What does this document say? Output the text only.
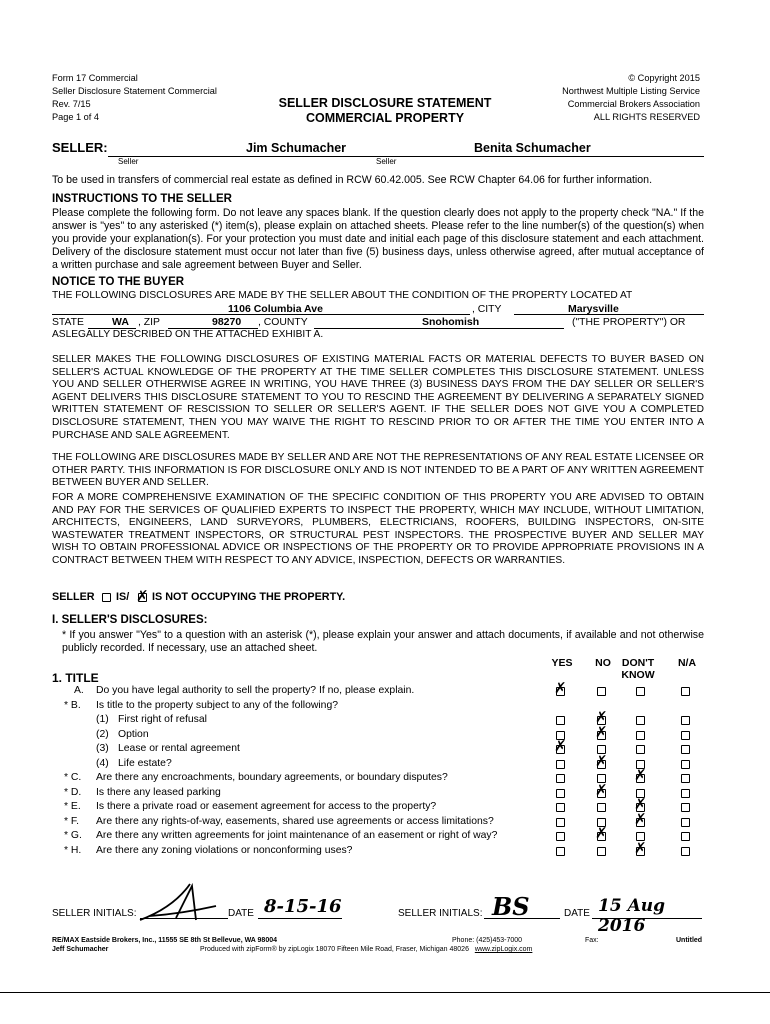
Form 17 Commercial
Seller Disclosure Statement Commercial
Rev. 7/15
Page 1 of 4
© Copyright 2015
Northwest Multiple Listing Service
Commercial Brokers Association
ALL RIGHTS RESERVED
SELLER DISCLOSURE STATEMENT
COMMERCIAL PROPERTY
SELLER:	Jim Schumacher	Benita Schumacher
Seller	Seller
To be used in transfers of commercial real estate as defined in RCW 60.42.005. See RCW Chapter 64.06 for further information.
INSTRUCTIONS TO THE SELLER
Please complete the following form. Do not leave any spaces blank. If the question clearly does not apply to the property check "NA." If the answer is "yes" to any asterisked (*) item(s), please explain on attached sheets. Please refer to the line number(s) of the question(s) when you provide your explanation(s). For your protection you must date and initial each page of this disclosure statement and each attachment. Delivery of the disclosure statement must occur not later than five (5) business days, unless otherwise agreed, after mutual acceptance of a written purchase and sale agreement between Buyer and Seller.
NOTICE TO THE BUYER
THE FOLLOWING DISCLOSURES ARE MADE BY THE SELLER ABOUT THE CONDITION OF THE PROPERTY LOCATED AT
1106 Columbia Ave	, CITY	Marysville
STATE	WA , ZIP	98270 , COUNTY	Snohomish	("THE PROPERTY") OR
ASLEGALLY DESCRIBED ON THE ATTACHED EXHIBIT A.
SELLER MAKES THE FOLLOWING DISCLOSURES OF EXISTING MATERIAL FACTS OR MATERIAL DEFECTS TO BUYER BASED ON SELLER'S ACTUAL KNOWLEDGE OF THE PROPERTY AT THE TIME SELLER COMPLETES THIS DISCLOSURE STATEMENT. UNLESS YOU AND SELLER OTHERWISE AGREE IN WRITING, YOU HAVE THREE (3) BUSINESS DAYS FROM THE DAY SELLER OR SELLER'S AGENT DELIVERS THIS DISCLOSURE STATEMENT TO YOU TO RESCIND THE AGREEMENT BY DELIVERING A SEPARATELY SIGNED WRITTEN STATEMENT OF RESCISSION TO SELLER OR SELLER'S AGENT. IF THE SELLER DOES NOT GIVE YOU A COMPLETED DISCLOSURE STATEMENT, THEN YOU MAY WAIVE THE RIGHT TO RESCIND PRIOR TO OR AFTER THE TIME YOU ENTER INTO A PURCHASE AND SALE AGREEMENT.
THE FOLLOWING ARE DISCLOSURES MADE BY SELLER AND ARE NOT THE REPRESENTATIONS OF ANY REAL ESTATE LICENSEE OR OTHER PARTY. THIS INFORMATION IS FOR DISCLOSURE ONLY AND IS NOT INTENDED TO BE A PART OF ANY WRITTEN AGREEMENT BETWEEN BUYER AND SELLER.
FOR A MORE COMPREHENSIVE EXAMINATION OF THE SPECIFIC CONDITION OF THIS PROPERTY YOU ARE ADVISED TO OBTAIN AND PAY FOR THE SERVICES OF QUALIFIED EXPERTS TO INSPECT THE PROPERTY, WHICH MAY INCLUDE, WITHOUT LIMITATION, ARCHITECTS, ENGINEERS, LAND SURVEYORS, PLUMBERS, ELECTRICIANS, ROOFERS, BUILDING INSPECTORS, ON-SITE WASTEWATER TREATMENT INSPECTORS, OR STRUCTURAL PEST INSPECTORS. THE PROSPECTIVE BUYER AND SELLER MAY WISH TO OBTAIN PROFESSIONAL ADVICE OR INSPECTIONS OF THE PROPERTY OR TO PROVIDE APPROPRIATE PROVISIONS IN A CONTRACT BETWEEN THEM WITH RESPECT TO ANY ADVICE, INSPECTION, DEFECTS OR WARRANTIES.
SELLER IS/
✗ IS NOT OCCUPYING THE PROPERTY.
I. SELLER'S DISCLOSURES:
* If you answer "Yes" to a question with an asterisk (*), please explain your answer and attach documents, if available and not otherwise publicly recorded. If necessary, use an attached sheet.
YES	NO	DON'T KNOW
N/A
1. TITLE
A. Do you have legal authority to sell the property? If no, please explain.
✗
* B. Is title to the property subject to any of the following?
(1) First right of refusal
✗
(2) Option
✗
(3) Lease or rental agreement
✗
(4) Life estate?
✗
* C. Are there any encroachments, boundary agreements, or boundary disputes?
✗
* D. Is there any leased parking
✗
* E. Is there a private road or easement agreement for access to the property?
✗
* F. Are there any rights-of-way, easements, shared use agreements or access limitations?
✗
* G. Are there any written agreements for joint maintenance of an easement or right of way?
✗
* H. Are there any zoning violations or nonconforming uses?
✗
SELLER INITIALS:	DATE 8-15-16	SELLER INITIALS: BS	DATE 15 Aug 2016
RE/MAX Eastside Brokers, Inc., 11555 SE 8th St Bellevue, WA 98004
Jeff Schumacher
Phone: (425)453-7000	Fax:	Untitled
Produced with zipForm® by zipLogix 18070 Fifteen Mile Road, Fraser, Michigan 48026 www.zipLogix.com
